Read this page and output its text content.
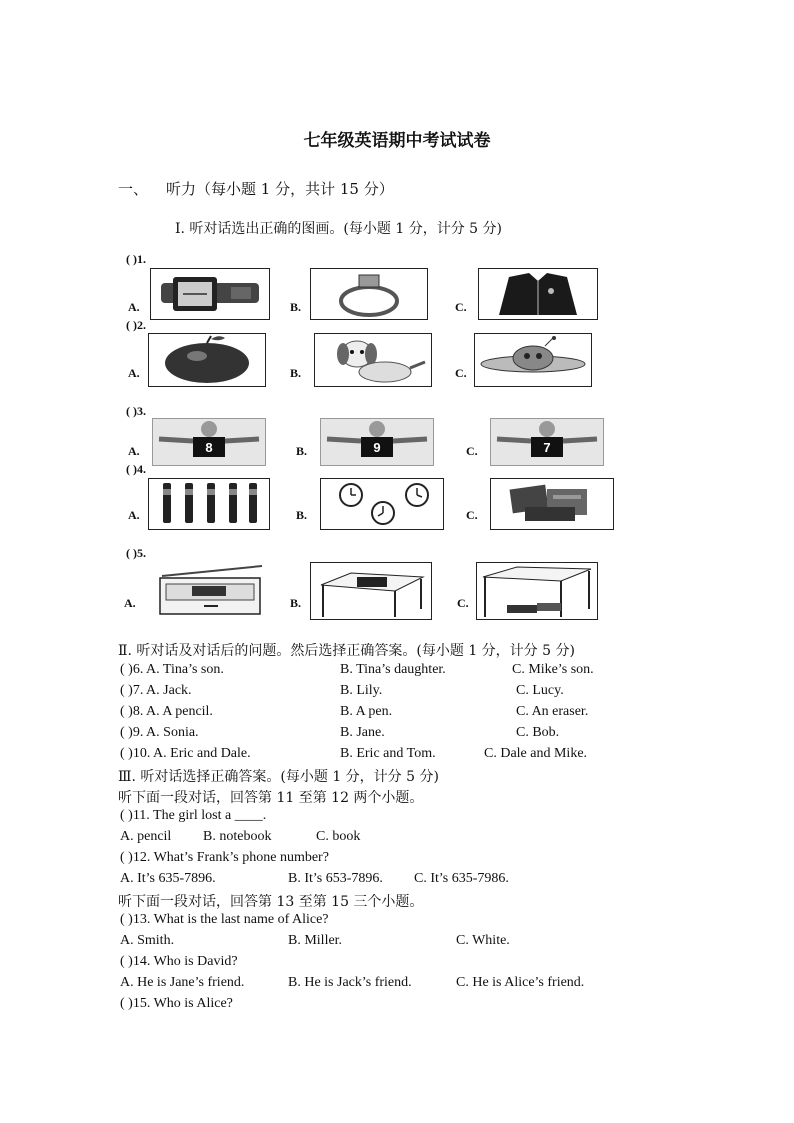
七年级英语期中考试试卷
一、 听力（每小题 1 分，共计 15 分）
Ⅰ. 听对话选出正确的图画。(每小题 1 分，计分 5 分)
( )1.
A.	B.	C.
( )2.
A.	B.	C.
( )3.
A.	8	B.	9	C.	7
( )4.
A.	B.	C.
( )5.
A.	B.	C.
Ⅱ. 听对话及对话后的问题。然后选择正确答案。(每小题 1 分，计分 5 分)
( )6. A. Tina’s son.	B. Tina’s daughter.	C. Mike’s son.
( )7. A. Jack.	B. Lily.	C. Lucy.
( )8. A. A pencil.	B. A pen.	C. An eraser.
( )9. A. Sonia.	B. Jane.	C. Bob.
( )10. A. Eric and Dale.	B. Eric and Tom.	C. Dale and Mike.
Ⅲ. 听对话选择正确答案。(每小题 1 分，计分 5 分)
听下面一段对话，回答第 11 至第 12 两个小题。
( )11. The girl lost a ____.
A. pencil B. notebook	C. book
( )12. What’s Frank’s phone number?
A. It’s 635-7896.	B. It’s 653-7896. C. It’s 635-7986.
听下面一段对话，回答第 13 至第 15 三个小题。
( )13. What is the last name of Alice?
A. Smith.	B. Miller.	C. White.
( )14. Who is David?
A. He is Jane’s friend.	B. He is Jack’s friend.	C. He is Alice’s friend.
( )15. Who is Alice?
